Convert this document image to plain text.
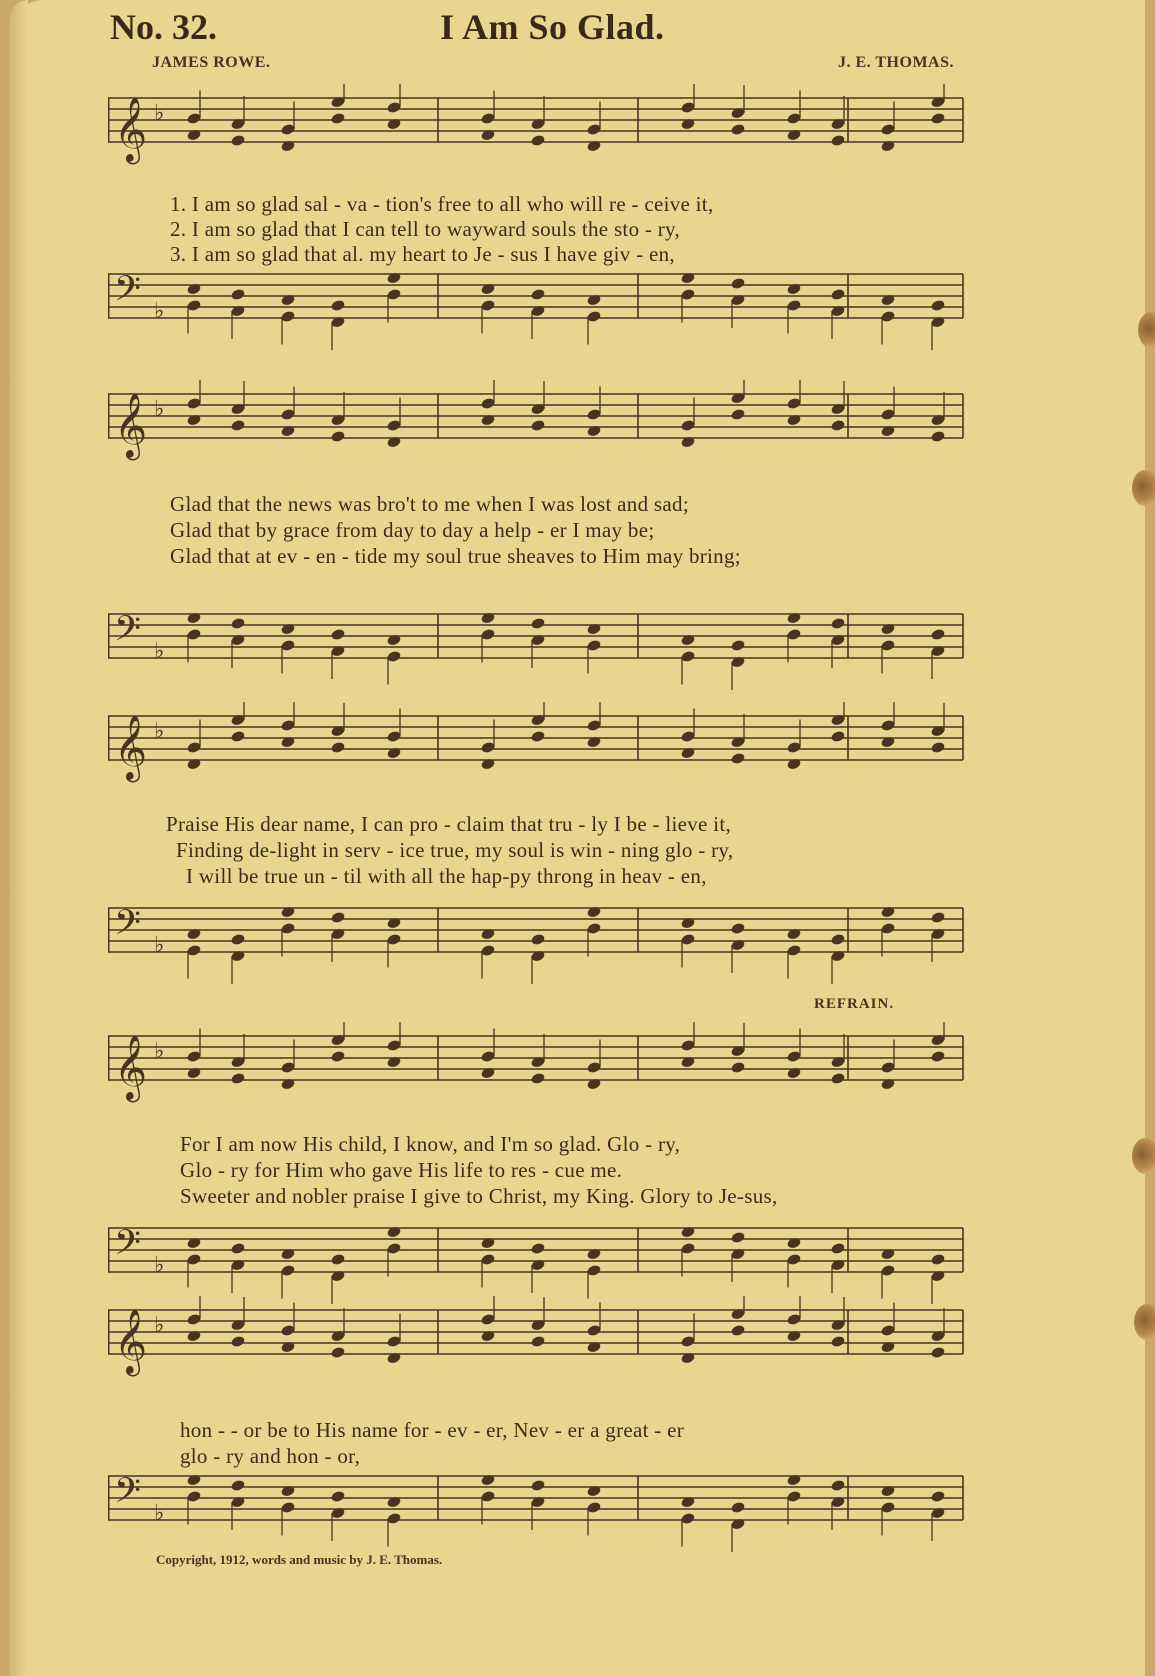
No. 32.	I Am So Glad.
JAMES ROWE.	J. E. THOMAS.
𝄞 ♭
𝄢 ♭
1. I am so glad sal - va - tion's free to all who will re - ceive it,
2. I am so glad that I can tell to wayward souls the sto - ry,
3. I am so glad that al. my heart to Je - sus I have giv - en,
𝄞 ♭
𝄢 ♭
Glad that the news was bro't to me when I was lost and sad;
Glad that by grace from day to day a help - er I may be;
Glad that at ev - en - tide my soul true sheaves to Him may bring;
𝄞 ♭
𝄢 ♭
Praise His dear name, I can pro - claim that tru - ly I be - lieve it,
Finding de-light in serv - ice true, my soul is win - ning glo - ry,
I will be true un - til with all the hap-py throng in heav - en,
REFRAIN.
𝄞 ♭
𝄢 ♭
For I am now His child, I know, and I'm so glad. Glo - ry,
Glo - ry for Him who gave His life to res - cue me.
Sweeter and nobler praise I give to Christ, my King. Glory to Je-sus,
𝄞 ♭
𝄢 ♭
hon - - or be to His name for - ev - er, Nev - er a great - er
glo - ry and hon - or,
Copyright, 1912, words and music by J. E. Thomas.
